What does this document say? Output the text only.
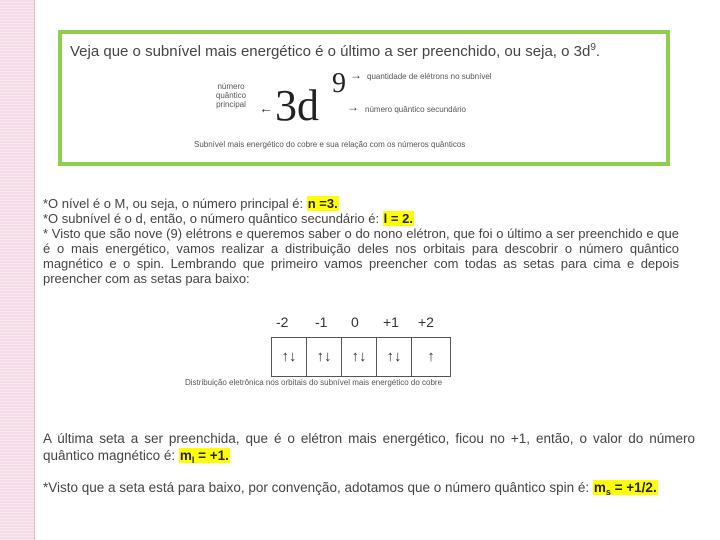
Veja que o subnível mais energético é o último a ser preenchido, ou seja, o $3d^9$.
número
quântico
principal ← 3d 9 →
→
quantidade de elétrons no subnível
número quântico secundário
Subnível mais energético do cobre e sua relação com os números quânticos

*O nível é o M, ou seja, o número principal é: n =3.

*O subnível é o d, então, o número quântico secundário é: l = 2.

* Visto que são nove (9) elétrons e queremos saber o do nono elétron, que foi o último a ser preenchido e que é o mais energético, vamos realizar a distribuição deles nos orbitais para descobrir o número quântico magnético e o spin. Lembrando que primeiro vamos preencher com todas as setas para cima e depois preencher com as setas para baixo:

-2 -1 0 +1 +2
↑↓	↑↓	↑↓	↑↓	↑
Distribuição eletrônica nos orbitais do subnível mais energético do cobre

A última seta a ser preenchida, que é o elétron mais energético, ficou no +1, então, o valor do número quântico magnético é: $m_l = +1$.

*Visto que a seta está para baixo, por convenção, adotamos que o número quântico spin é: $m_s = +1/2$.
